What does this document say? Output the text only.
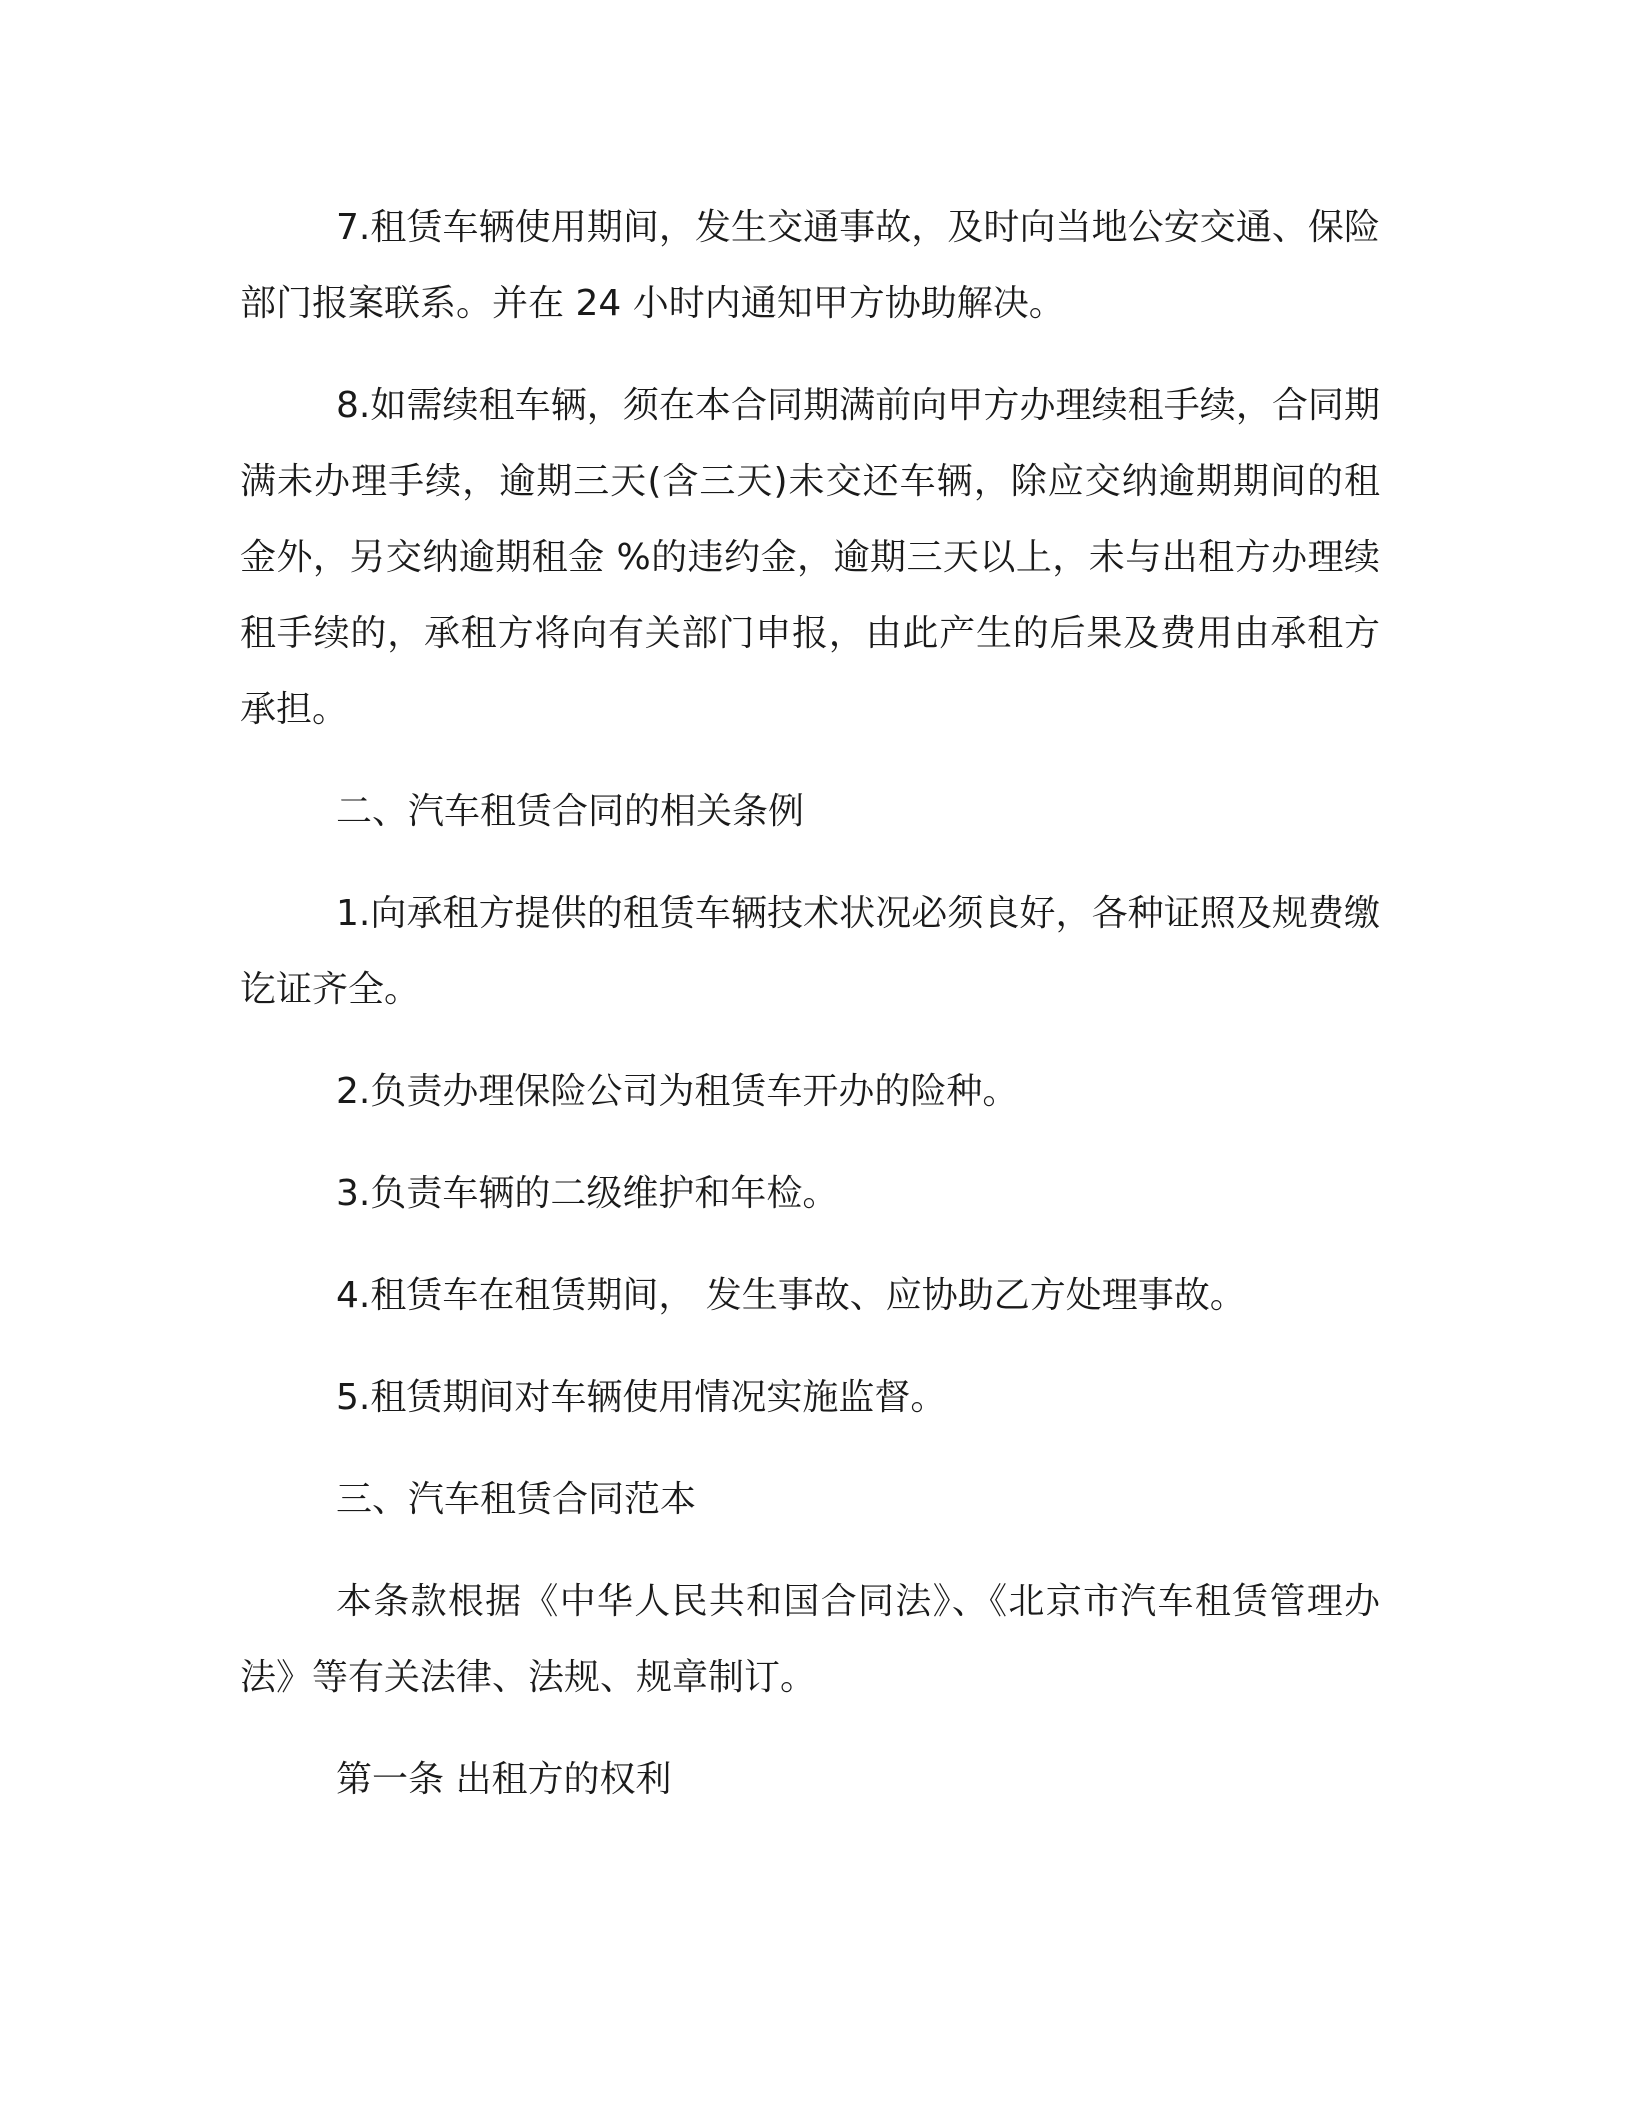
7.租赁车辆使用期间，发生交通事故，及时向当地公安交通、保险部门报案联系。并在 24 小时内通知甲方协助解决。

8.如需续租车辆，须在本合同期满前向甲方办理续租手续，合同期满未办理手续，逾期三天(含三天)未交还车辆，除应交纳逾期期间的租金外，另交纳逾期租金 %的违约金，逾期三天以上，未与出租方办理续租手续的，承租方将向有关部门申报，由此产生的后果及费用由承租方承担。

二、汽车租赁合同的相关条例

1.向承租方提供的租赁车辆技术状况必须良好，各种证照及规费缴讫证齐全。

2.负责办理保险公司为租赁车开办的险种。

3.负责车辆的二级维护和年检。

4.租赁车在租赁期间， 发生事故、应协助乙方处理事故。

5.租赁期间对车辆使用情况实施监督。

三、汽车租赁合同范本

本条款根据《中华人民共和国合同法》、《北京市汽车租赁管理办法》等有关法律、法规、规章制订。

第一条 出租方的权利
